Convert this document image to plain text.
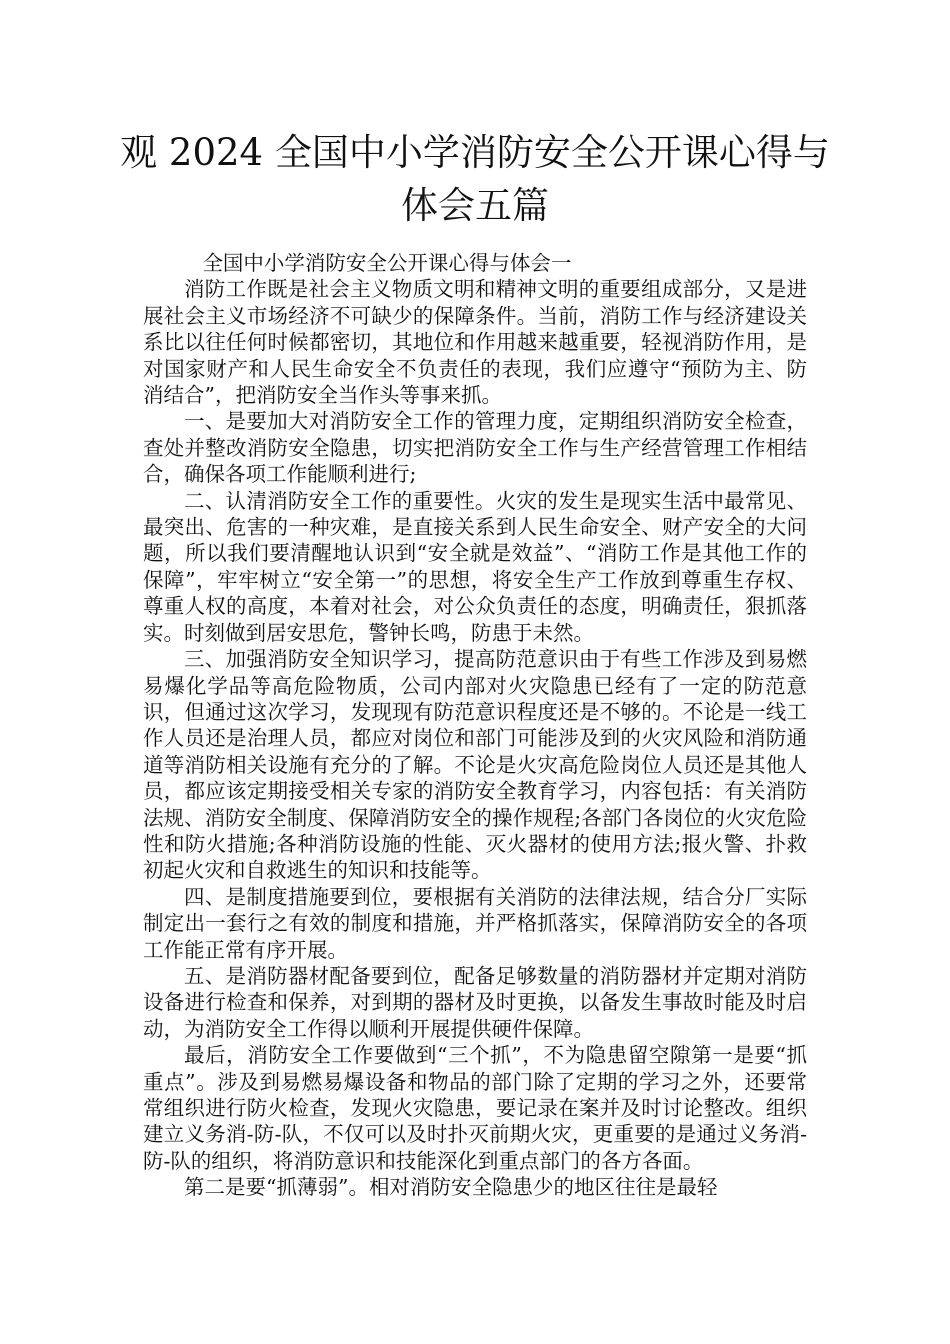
观 2024 全国中小学消防安全公开课心得与
体会五篇

全国中小学消防安全公开课心得与体会一

消防工作既是社会主义物质文明和精神文明的重要组成部分，又是进展社会主义市场经济不可缺少的保障条件。当前，消防工作与经济建设关系比以往任何时候都密切，其地位和作用越来越重要，轻视消防作用，是对国家财产和人民生命安全不负责任的表现，我们应遵守“预防为主、防消结合”，把消防安全当作头等事来抓。

一、是要加大对消防安全工作的管理力度，定期组织消防安全检查，查处并整改消防安全隐患，切实把消防安全工作与生产经营管理工作相结合，确保各项工作能顺利进行;

二、认清消防安全工作的重要性。火灾的发生是现实生活中最常见、最突出、危害的一种灾难，是直接关系到人民生命安全、财产安全的大问题，所以我们要清醒地认识到“安全就是效益”、“消防工作是其他工作的保障”，牢牢树立“安全第一”的思想，将安全生产工作放到尊重生存权、尊重人权的高度，本着对社会，对公众负责任的态度，明确责任，狠抓落实。时刻做到居安思危，警钟长鸣，防患于未然。

三、加强消防安全知识学习，提高防范意识由于有些工作涉及到易燃易爆化学品等高危险物质，公司内部对火灾隐患已经有了一定的防范意识，但通过这次学习，发现现有防范意识程度还是不够的。不论是一线工作人员还是治理人员，都应对岗位和部门可能涉及到的火灾风险和消防通道等消防相关设施有充分的了解。不论是火灾高危险岗位人员还是其他人员，都应该定期接受相关专家的消防安全教育学习，内容包括：有关消防法规、消防安全制度、保障消防安全的操作规程;各部门各岗位的火灾危险性和防火措施;各种消防设施的性能、灭火器材的使用方法;报火警、扑救初起火灾和自救逃生的知识和技能等。

四、是制度措施要到位，要根据有关消防的法律法规，结合分厂实际制定出一套行之有效的制度和措施，并严格抓落实，保障消防安全的各项工作能正常有序开展。

五、是消防器材配备要到位，配备足够数量的消防器材并定期对消防设备进行检查和保养，对到期的器材及时更换，以备发生事故时能及时启动，为消防安全工作得以顺利开展提供硬件保障。

最后，消防安全工作要做到“三个抓”，不为隐患留空隙第一是要“抓重点”。涉及到易燃易爆设备和物品的部门除了定期的学习之外，还要常常组织进行防火检查，发现火灾隐患，要记录在案并及时讨论整改。组织建立义务消-防-队，不仅可以及时扑灭前期火灾，更重要的是通过义务消-防-队的组织，将消防意识和技能深化到重点部门的各方各面。

第二是要“抓薄弱”。相对消防安全隐患少的地区往往是最轻
